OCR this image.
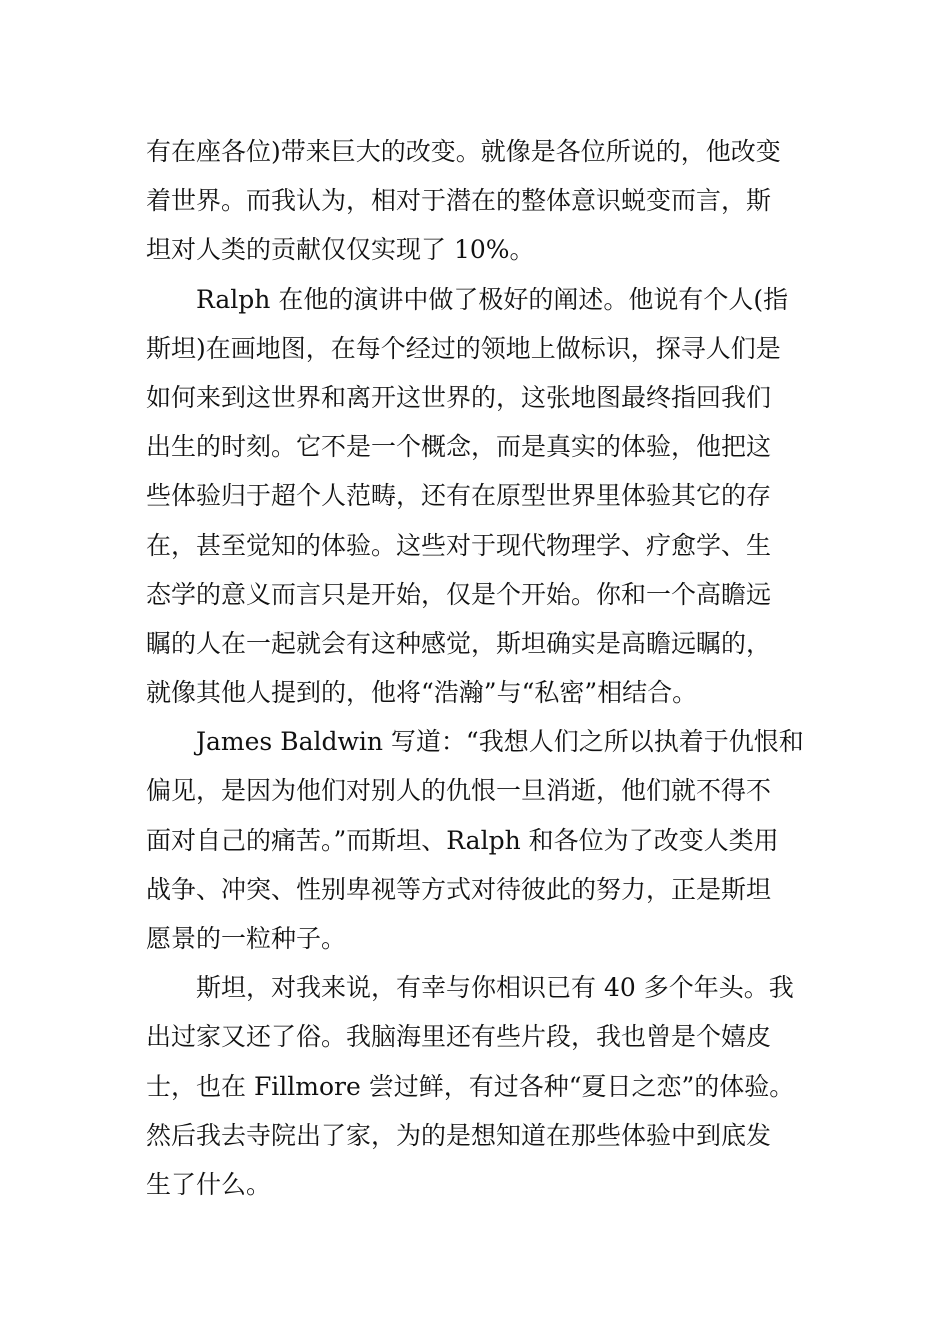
有在座各位)带来巨大的改变。就像是各位所说的，他改变
着世界。而我认为，相对于潜在的整体意识蜕变而言，斯
坦对人类的贡献仅仅实现了 10%。
Ralph 在他的演讲中做了极好的阐述。他说有个人(指
斯坦)在画地图，在每个经过的领地上做标识，探寻人们是
如何来到这世界和离开这世界的，这张地图最终指回我们
出生的时刻。它不是一个概念，而是真实的体验，他把这
些体验归于超个人范畴，还有在原型世界里体验其它的存
在，甚至觉知的体验。这些对于现代物理学、疗愈学、生
态学的意义而言只是开始，仅是个开始。你和一个高瞻远
瞩的人在一起就会有这种感觉，斯坦确实是高瞻远瞩的，
就像其他人提到的，他将“浩瀚”与“私密”相结合。
James Baldwin 写道：“我想人们之所以执着于仇恨和
偏见，是因为他们对别人的仇恨一旦消逝，他们就不得不
面对自己的痛苦。”而斯坦、Ralph 和各位为了改变人类用
战争、冲突、性别卑视等方式对待彼此的努力，正是斯坦
愿景的一粒种子。
斯坦，对我来说，有幸与你相识已有 40 多个年头。我
出过家又还了俗。我脑海里还有些片段，我也曾是个嬉皮
士，也在 Fillmore 尝过鲜，有过各种“夏日之恋”的体验。
然后我去寺院出了家，为的是想知道在那些体验中到底发
生了什么。
